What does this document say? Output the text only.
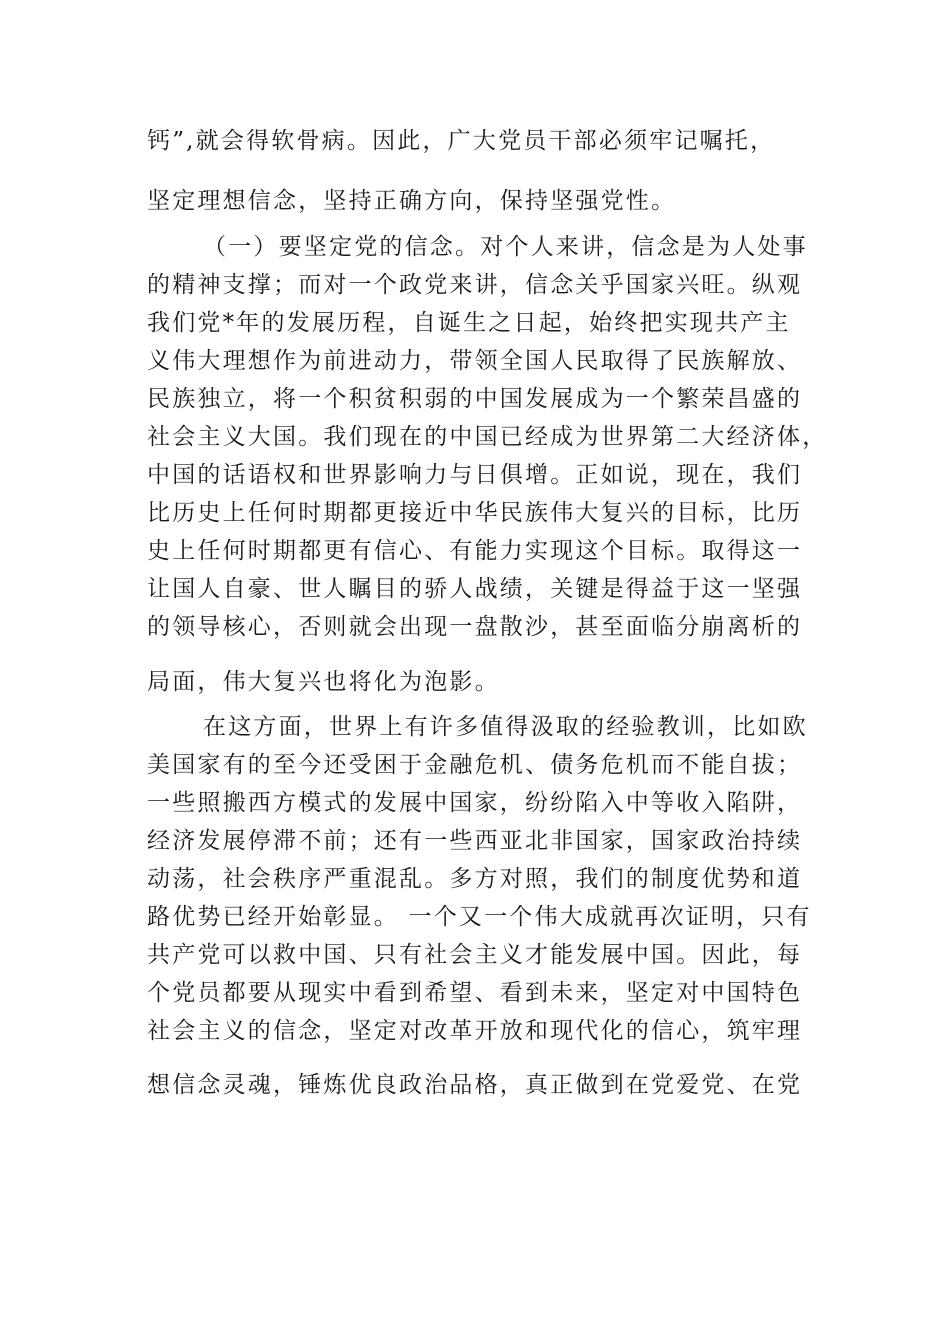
钙”,就会得软骨病。因此，广大党员干部必须牢记嘱托，
坚定理想信念，坚持正确方向，保持坚强党性。
（一）要坚定党的信念。对个人来讲，信念是为人处事
的精神支撑；而对一个政党来讲，信念关乎国家兴旺。纵观
我们党*年的发展历程，自诞生之日起，始终把实现共产主
义伟大理想作为前进动力，带领全国人民取得了民族解放、
民族独立，将一个积贫积弱的中国发展成为一个繁荣昌盛的
社会主义大国。我们现在的中国已经成为世界第二大经济体，
中国的话语权和世界影响力与日俱增。正如说，现在，我们
比历史上任何时期都更接近中华民族伟大复兴的目标，比历
史上任何时期都更有信心、有能力实现这个目标。取得这一
让国人自豪、世人瞩目的骄人战绩，关键是得益于这一坚强
的领导核心，否则就会出现一盘散沙，甚至面临分崩离析的
局面，伟大复兴也将化为泡影。
在这方面，世界上有许多值得汲取的经验教训，比如欧
美国家有的至今还受困于金融危机、债务危机而不能自拔；
一些照搬西方模式的发展中国家，纷纷陷入中等收入陷阱，
经济发展停滞不前；还有一些西亚北非国家，国家政治持续
动荡，社会秩序严重混乱。多方对照，我们的制度优势和道
路优势已经开始彰显。 一个又一个伟大成就再次证明，只有
共产党可以救中国、只有社会主义才能发展中国。因此，每
个党员都要从现实中看到希望、看到未来，坚定对中国特色
社会主义的信念，坚定对改革开放和现代化的信心，筑牢理
想信念灵魂，锤炼优良政治品格，真正做到在党爱党、在党
